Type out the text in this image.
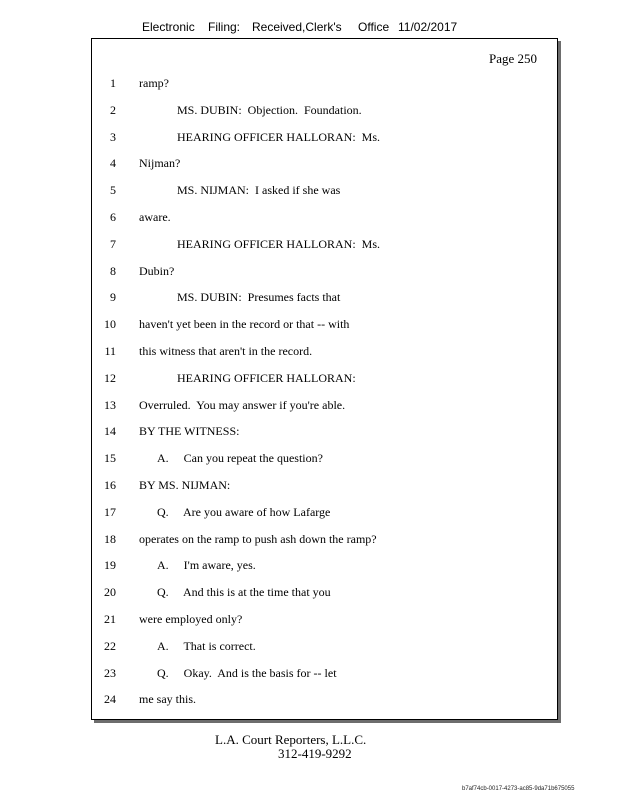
Electronic Filing: Received,Clerk's Office 11/02/2017
Page 250
1 ramp?
2	MS. DUBIN:  Objection.  Foundation.
3	HEARING OFFICER HALLORAN:  Ms.
4 Nijman?
5	MS. NIJMAN:  I asked if she was
6 aware.
7	HEARING OFFICER HALLORAN:  Ms.
8 Dubin?
9	MS. DUBIN:  Presumes facts that
10 haven't yet been in the record or that -- with
11 this witness that aren't in the record.
12	HEARING OFFICER HALLORAN:
13 Overruled.  You may answer if you're able.
14 BY THE WITNESS:
15	A.     Can you repeat the question?
16 BY MS. NIJMAN:
17	Q.     Are you aware of how Lafarge
18 operates on the ramp to push ash down the ramp?
19	A.     I'm aware, yes.
20	Q.     And this is at the time that you
21 were employed only?
22	A.     That is correct.
23	Q.     Okay.  And is the basis for -- let
24 me say this.
L.A. Court Reporters, L.L.C.
312-419-9292
b7af74cb-0017-4273-ac85-9da71b675055
